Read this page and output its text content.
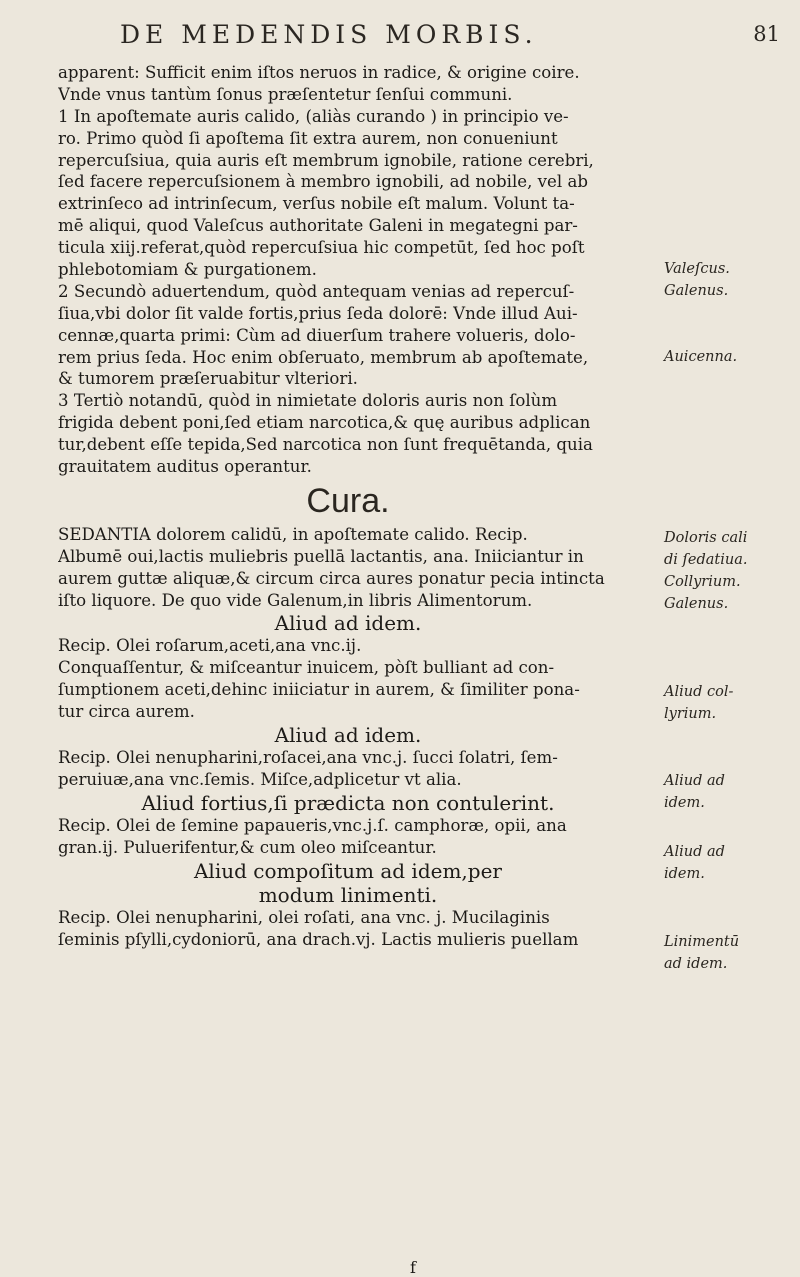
DE MEDENDIS MORBIS.	81
apparent: Sufficit enim iſtos neruos in radice, & origine coire.
Vnde vnus tantùm ſonus præſentetur ſenſui communi.
1 In apoſtemate auris calido, (aliàs curando ) in principio ve-
ro. Primo quòd ſi apoſtema ſit extra aurem, non conueniunt
repercuſsiua, quia auris eſt membrum ignobile, ratione cerebri,
ſed facere repercuſsionem à membro ignobili, ad nobile, vel ab
extrinſeco ad intrinſecum, verſus nobile eſt malum. Volunt ta-
mē aliqui, quod Valeſcus authoritate Galeni in megategni par-
ticula xiij.referat,quòd repercuſsiua hic competūt, ſed hoc poſt
phlebotomiam & purgationem.
2 Secundò aduertendum, quòd antequam venias ad repercuſ-
ſiua,vbi dolor ſit valde fortis,prius ſeda dolorē: Vnde illud Aui-
cennæ,quarta primi: Cùm ad diuerſum trahere volueris, dolo-
rem prius ſeda. Hoc enim obſeruato, membrum ab apoſtemate,
& tumorem præſeruabitur vlteriori.
3 Tertiò notandū, quòd in nimietate doloris auris non ſolùm
frigida debent poni,ſed etiam narcotica,& quę auribus adplican
tur,debent eſſe tepida,Sed narcotica non ſunt frequētanda, quia
grauitatem auditus operantur.
Cura.
SEDANTIA dolorem calidū, in apoſtemate calido. Recip.
Albumē oui,lactis muliebris puellā lactantis, ana. Iniiciantur in
aurem guttæ aliquæ,& circum circa aures ponatur pecia intincta
iſto liquore. De quo vide Galenum,in libris Alimentorum.
Aliud ad idem.
Recip. Olei roſarum,aceti,ana vnc.ij.
Conquaſſentur, & miſceantur inuicem, pòſt bulliant ad con-
ſumptionem aceti,dehinc iniiciatur in aurem, & ſimiliter pona-
tur circa aurem.
Aliud ad idem.
Recip. Olei nenupharini,roſacei,ana vnc.j. ſucci ſolatri, ſem-
peruiuæ,ana vnc.ſemis. Miſce,adplicetur vt alia.
Aliud fortius,ſi prædicta non contulerint.
Recip. Olei de ſemine papaueris,vnc.j.ſ. camphoræ, opii, ana
gran.ij. Puluerifentur,& cum oleo miſceantur.
Aliud compoſitum ad idem,per
modum linimenti.
Recip. Olei nenupharini, olei roſati, ana vnc. j. Mucilaginis
ſeminis pſylli,cydoniorū, ana drach.vj. Lactis mulieris puellam
Valeſcus.
Galenus.
Auicenna.
Doloris cali
di ſedatiua.
Collyrium.
Galenus.
Aliud col-
lyrium.
Aliud ad
idem.
Aliud ad
idem.
Linimentū
ad idem.
f
